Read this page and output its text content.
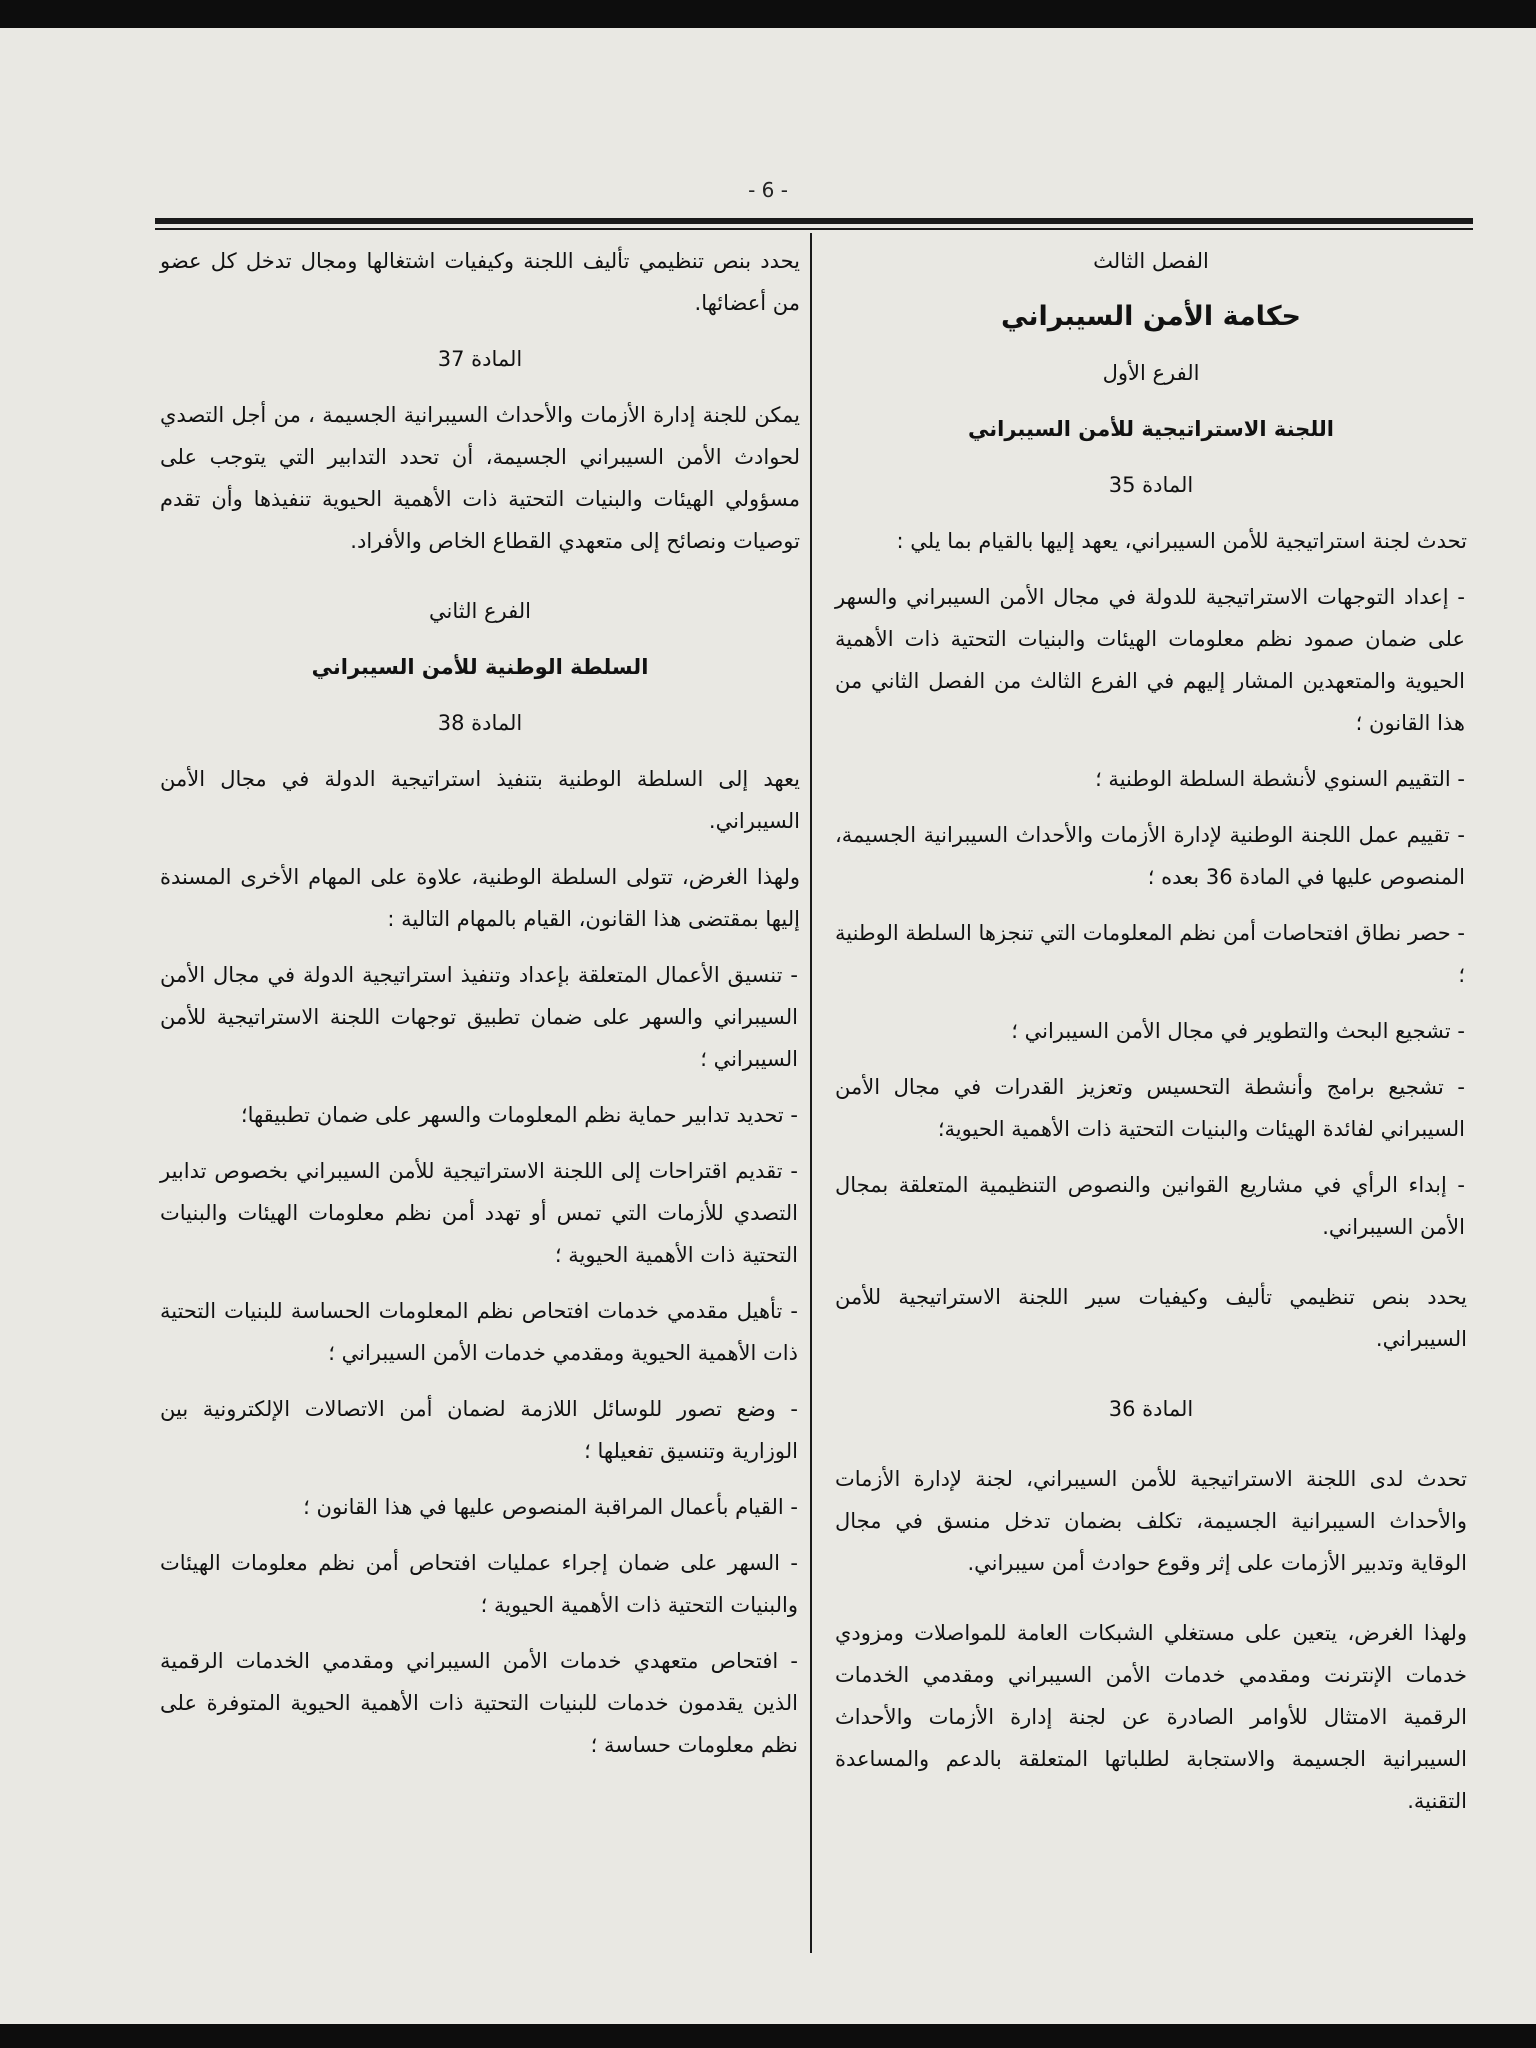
- 6 -

الفصل الثالث

حكامة الأمن السيبراني

الفرع الأول

اللجنة الاستراتيجية للأمن السيبراني

المادة 35

تحدث لجنة استراتيجية للأمن السيبراني، يعهد إليها بالقيام بما يلي :

- إعداد التوجهات الاستراتيجية للدولة في مجال الأمن السيبراني والسهر على ضمان صمود نظم معلومات الهيئات والبنيات التحتية ذات الأهمية الحيوية والمتعهدين المشار إليهم في الفرع الثالث من الفصل الثاني من هذا القانون ؛

- التقييم السنوي لأنشطة السلطة الوطنية ؛

- تقييم عمل اللجنة الوطنية لإدارة الأزمات والأحداث السيبرانية الجسيمة، المنصوص عليها في المادة 36 بعده ؛

- حصر نطاق افتحاصات أمن نظم المعلومات التي تنجزها السلطة الوطنية ؛

- تشجيع البحث والتطوير في مجال الأمن السيبراني ؛

- تشجيع برامج وأنشطة التحسيس وتعزيز القدرات في مجال الأمن السيبراني لفائدة الهيئات والبنيات التحتية ذات الأهمية الحيوية؛

- إبداء الرأي في مشاريع القوانين والنصوص التنظيمية المتعلقة بمجال الأمن السيبراني.

يحدد بنص تنظيمي تأليف وكيفيات سير اللجنة الاستراتيجية للأمن السيبراني.

المادة 36

تحدث لدى اللجنة الاستراتيجية للأمن السيبراني، لجنة لإدارة الأزمات والأحداث السيبرانية الجسيمة، تكلف بضمان تدخل منسق في مجال الوقاية وتدبير الأزمات على إثر وقوع حوادث أمن سيبراني.

ولهذا الغرض، يتعين على مستغلي الشبكات العامة للمواصلات ومزودي خدمات الإنترنت ومقدمي خدمات الأمن السيبراني ومقدمي الخدمات الرقمية الامتثال للأوامر الصادرة عن لجنة إدارة الأزمات والأحداث السيبرانية الجسيمة والاستجابة لطلباتها المتعلقة بالدعم والمساعدة التقنية.

يحدد بنص تنظيمي تأليف اللجنة وكيفيات اشتغالها ومجال تدخل كل عضو من أعضائها.

المادة 37

يمكن للجنة إدارة الأزمات والأحداث السيبرانية الجسيمة ، من أجل التصدي لحوادث الأمن السيبراني الجسيمة، أن تحدد التدابير التي يتوجب على مسؤولي الهيئات والبنيات التحتية ذات الأهمية الحيوية تنفيذها وأن تقدم توصيات ونصائح إلى متعهدي القطاع الخاص والأفراد.

الفرع الثاني

السلطة الوطنية للأمن السيبراني

المادة 38

يعهد إلى السلطة الوطنية بتنفيذ استراتيجية الدولة في مجال الأمن السيبراني.

ولهذا الغرض، تتولى السلطة الوطنية، علاوة على المهام الأخرى المسندة إليها بمقتضى هذا القانون، القيام بالمهام التالية :

- تنسيق الأعمال المتعلقة بإعداد وتنفيذ استراتيجية الدولة في مجال الأمن السيبراني والسهر على ضمان تطبيق توجهات اللجنة الاستراتيجية للأمن السيبراني ؛

- تحديد تدابير حماية نظم المعلومات والسهر على ضمان تطبيقها؛

- تقديم اقتراحات إلى اللجنة الاستراتيجية للأمن السيبراني بخصوص تدابير التصدي للأزمات التي تمس أو تهدد أمن نظم معلومات الهيئات والبنيات التحتية ذات الأهمية الحيوية ؛

- تأهيل مقدمي خدمات افتحاص نظم المعلومات الحساسة للبنيات التحتية ذات الأهمية الحيوية ومقدمي خدمات الأمن السيبراني ؛

- وضع تصور للوسائل اللازمة لضمان أمن الاتصالات الإلكترونية بين الوزارية وتنسيق تفعيلها ؛

- القيام بأعمال المراقبة المنصوص عليها في هذا القانون ؛

- السهر على ضمان إجراء عمليات افتحاص أمن نظم معلومات الهيئات والبنيات التحتية ذات الأهمية الحيوية ؛

- افتحاص متعهدي خدمات الأمن السيبراني ومقدمي الخدمات الرقمية الذين يقدمون خدمات للبنيات التحتية ذات الأهمية الحيوية المتوفرة على نظم معلومات حساسة ؛
